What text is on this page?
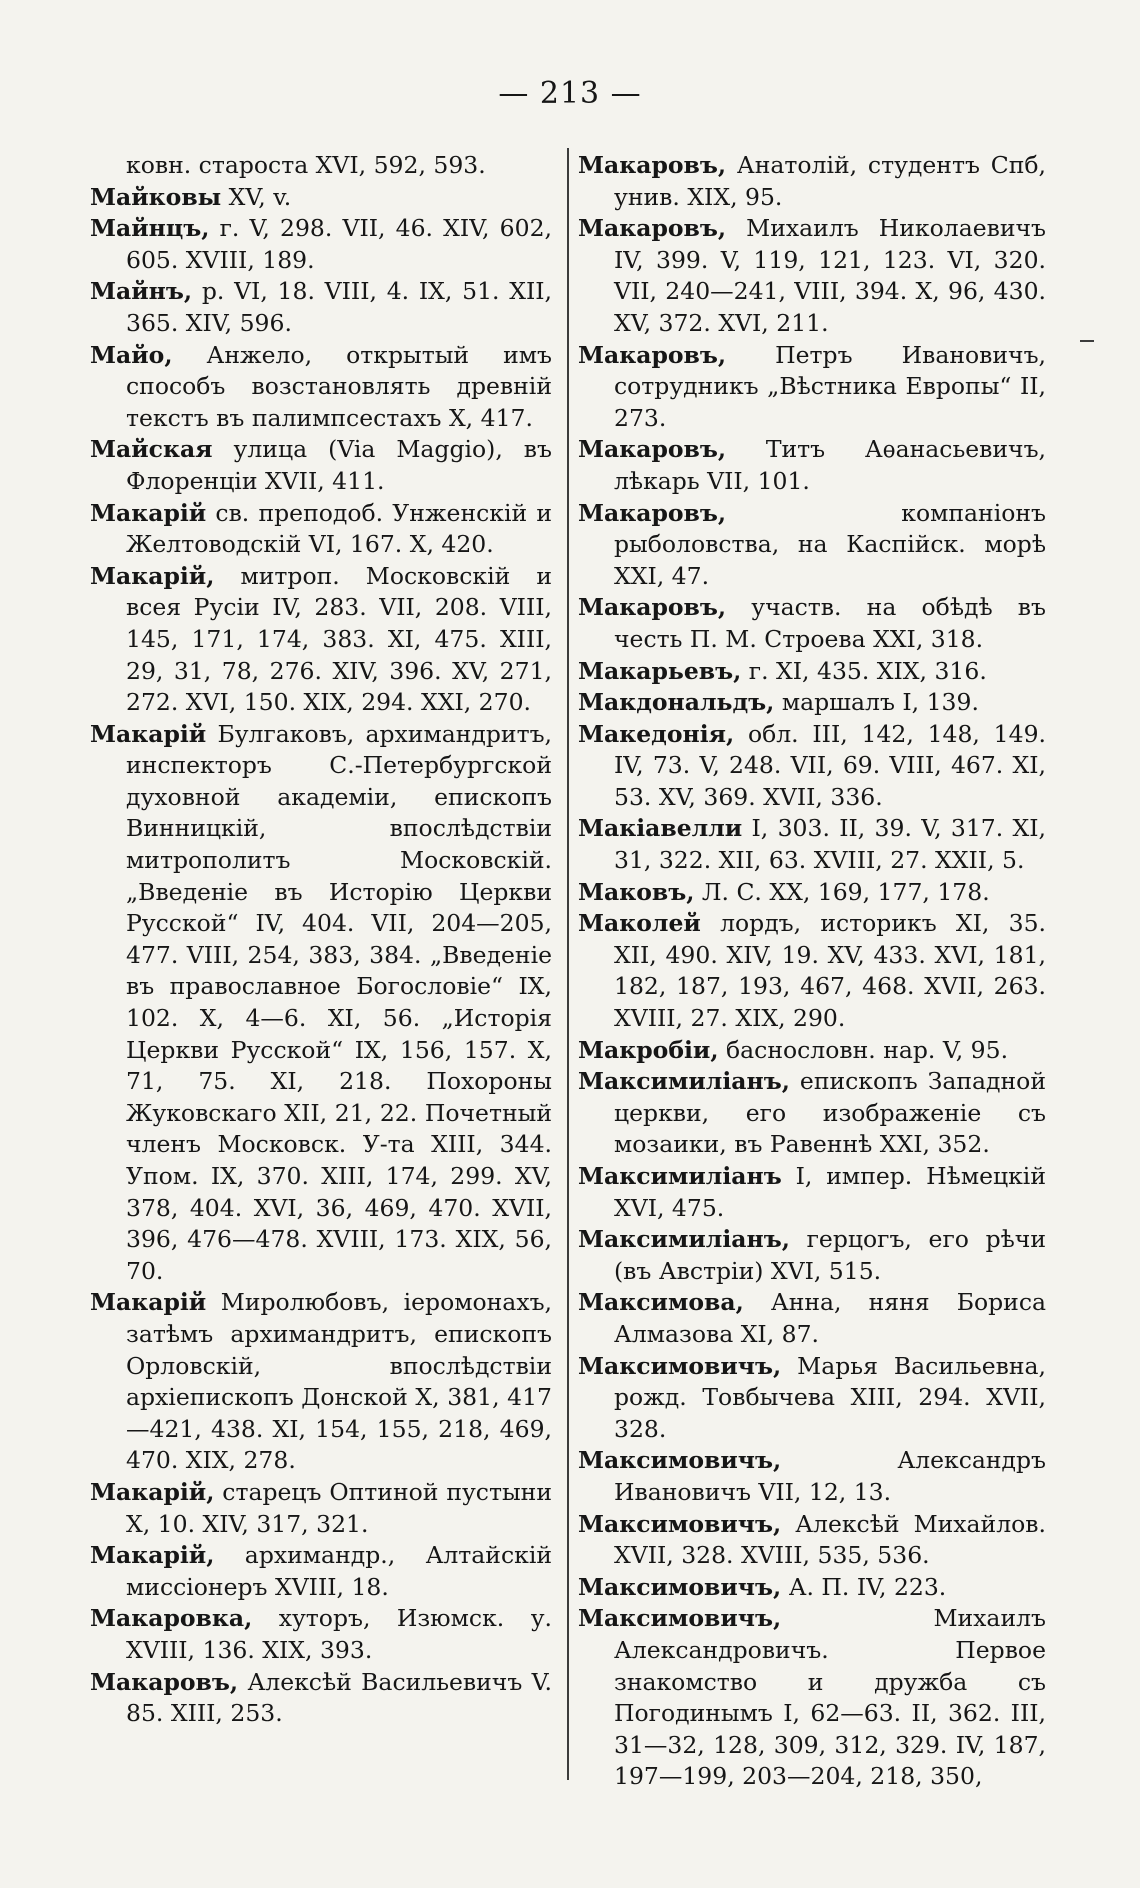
— 213 —

ковн. староста XVI, 592, 593.

Майковы XV, v.

Майнцъ, г. V, 298. VII, 46. XIV, 602, 605. XVIII, 189.

Майнъ, р. VI, 18. VIII, 4. IX, 51. XII, 365. XIV, 596.

Майо, Анжело, открытый имъ способъ возстановлять древній текстъ въ палимпсестахъ X, 417.

Майская улица (Via Maggio), въ Флоренціи XVII, 411.

Макарій св. преподоб. Унженскій и Желтоводскій VI, 167. X, 420.

Макарій, митроп. Московскій и всея Русіи IV, 283. VII, 208. VIII, 145, 171, 174, 383. XI, 475. XIII, 29, 31, 78, 276. XIV, 396. XV, 271, 272. XVI, 150. XIX, 294. XXI, 270.

Макарій Булгаковъ, архимандритъ, инспекторъ С.-Петербургской духовной академіи, епископъ Винницкій, впослѣдствіи митрополитъ Московскій. „Введеніе въ Исторію Церкви Русской“ IV, 404. VII, 204—205, 477. VIII, 254, 383, 384. „Введеніе въ православное Богословіе“ IX, 102. X, 4—6. XI, 56. „Исторія Церкви Русской“ IX, 156, 157. X, 71, 75. XI, 218. Похороны Жуковскаго XII, 21, 22. Почетный членъ Московск. У-та XIII, 344. Упом. IX, 370. XIII, 174, 299. XV, 378, 404. XVI, 36, 469, 470. XVII, 396, 476—478. XVIII, 173. XIX, 56, 70.

Макарій Миролюбовъ, іеромонахъ, затѣмъ архимандритъ, епископъ Орловскій, впослѣдствіи архіепископъ Донской X, 381, 417—421, 438. XI, 154, 155, 218, 469, 470. XIX, 278.

Макарій, старецъ Оптиной пустыни X, 10. XIV, 317, 321.

Макарій, архимандр., Алтайскій миссіонеръ XVIII, 18.

Макаровка, хуторъ, Изюмск. у. XVIII, 136. XIX, 393.

Макаровъ, Алексѣй Васильевичъ V. 85. XIII, 253.

Макаровъ, Анатолій, студентъ Спб, унив. XIX, 95.

Макаровъ, Михаилъ Николаевичъ IV, 399. V, 119, 121, 123. VI, 320. VII, 240—241, VIII, 394. X, 96, 430. XV, 372. XVI, 211.

Макаровъ, Петръ Ивановичъ, сотрудникъ „Вѣстника Европы“ II, 273.

Макаровъ, Титъ Аѳанасьевичъ, лѣкарь VII, 101.

Макаровъ, компаніонъ рыболовства, на Каспійск. морѣ XXI, 47.

Макаровъ, участв. на обѣдѣ въ честь П. М. Строева XXI, 318.

Макарьевъ, г. XI, 435. XIX, 316.

Макдональдъ, маршалъ I, 139.

Македонія, обл. III, 142, 148, 149. IV, 73. V, 248. VII, 69. VIII, 467. XI, 53. XV, 369. XVII, 336.

Макіавелли I, 303. II, 39. V, 317. XI, 31, 322. XII, 63. XVIII, 27. XXII, 5.

Маковъ, Л. С. XX, 169, 177, 178.

Маколей лордъ, историкъ XI, 35. XII, 490. XIV, 19. XV, 433. XVI, 181, 182, 187, 193, 467, 468. XVII, 263. XVIII, 27. XIX, 290.

Макробіи, баснословн. нар. V, 95.

Максимиліанъ, епископъ Западной церкви, его изображеніе съ мозаики, въ Равеннѣ XXI, 352.

Максимиліанъ I, импер. Нѣмецкій XVI, 475.

Максимиліанъ, герцогъ, его рѣчи (въ Австріи) XVI, 515.

Максимова, Анна, няня Бориса Алмазова XI, 87.

Максимовичъ, Марья Васильевна, рожд. Товбычева XIII, 294. XVII, 328.

Максимовичъ, Александръ Ивановичъ VII, 12, 13.

Максимовичъ, Алексѣй Михайлов. XVII, 328. XVIII, 535, 536.

Максимовичъ, А. П. IV, 223.

Максимовичъ, Михаилъ Александровичъ. Первое знакомство и дружба съ Погодинымъ I, 62—63. II, 362. III, 31—32, 128, 309, 312, 329. IV, 187, 197—199, 203—204, 218, 350,
